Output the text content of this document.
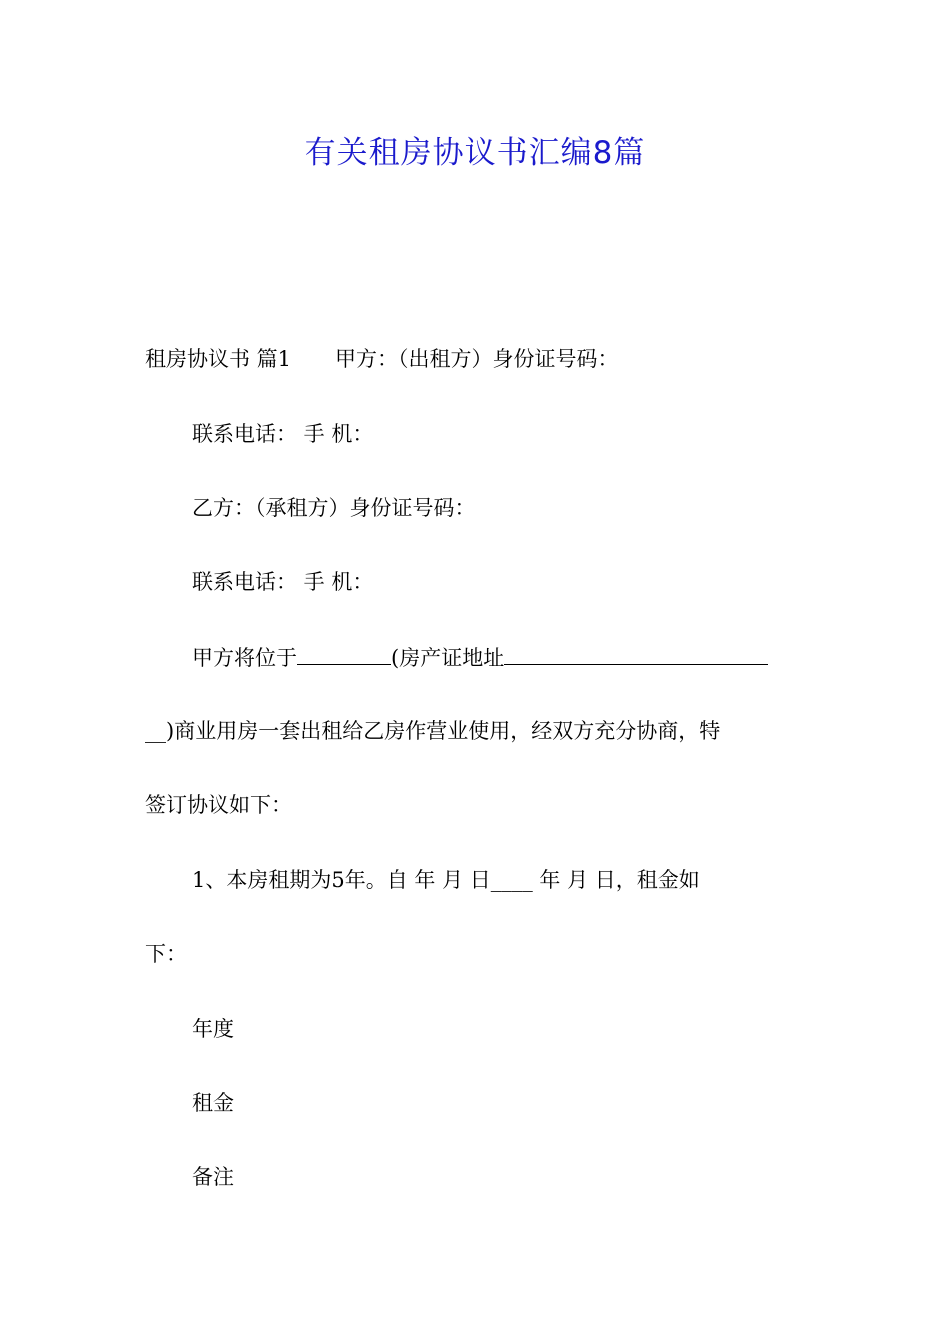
有关租房协议书汇编8篇
租房协议书 篇1 甲方：（出租方）身份证号码：
联系电话： 手 机：
乙方：（承租方）身份证号码：
联系电话： 手 机：
甲方将位于	(房产证地址
__)商业用房一套出租给乙房作营业使用，经双方充分协商，特
签订协议如下：
1、本房租期为5年。自 年 月 日____ 年 月 日，租金如
下：
年度
租金
备注
